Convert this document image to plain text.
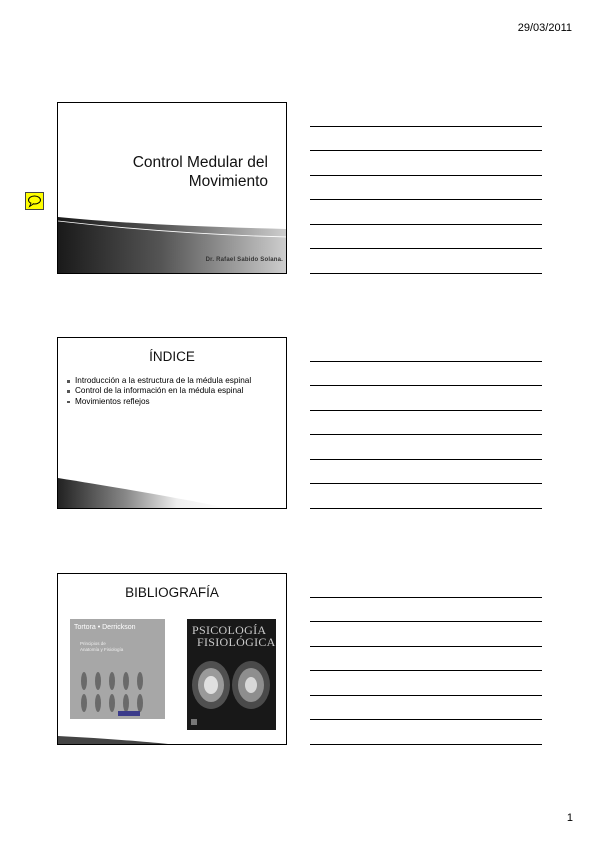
29/03/2011
Control Medular del
Movimiento
Dr. Rafael Sabido Solana.
ÍNDICE
Introducción a la estructura de la médula espinal
Control de la información en la médula espinal
Movimientos reflejos
BIBLIOGRAFÍA
Tortora • Derrickson
Principios de
Anatomía y Fisiología
PSICOLOGÍA
FISIOLÓGICA
1
